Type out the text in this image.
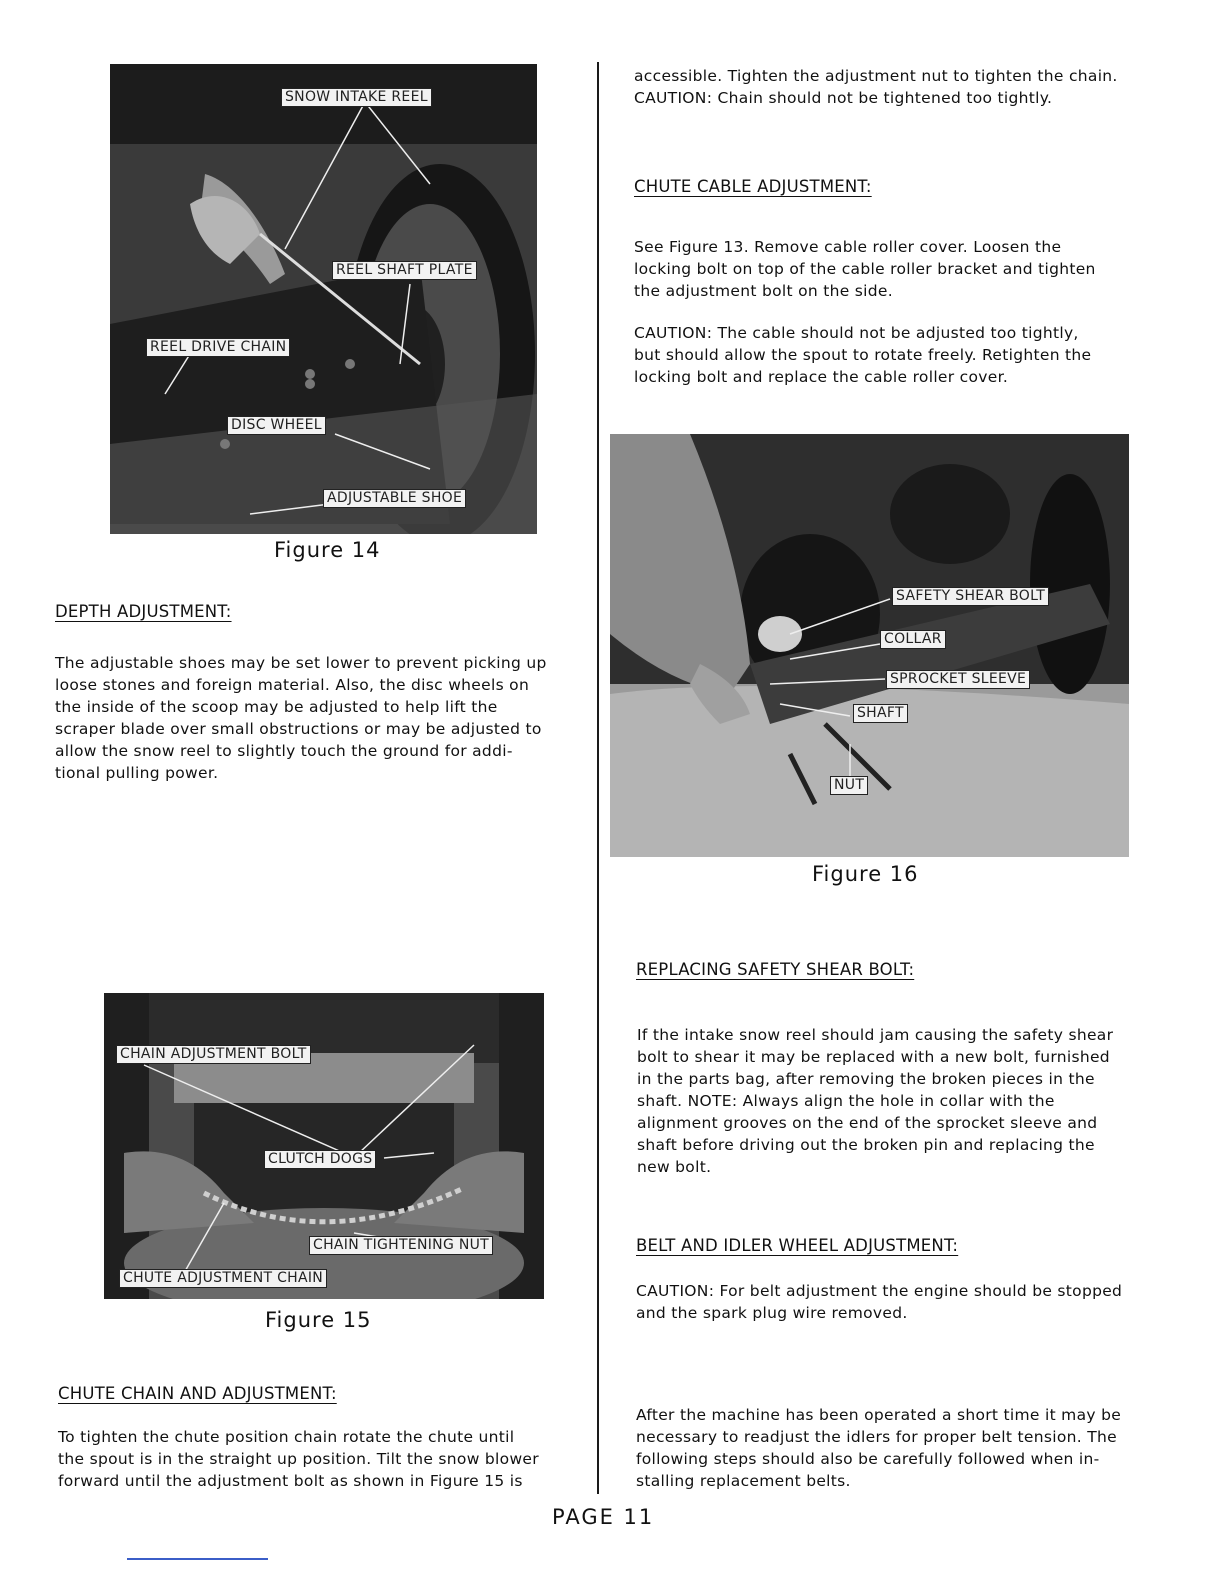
SNOW INTAKE REEL
REEL SHAFT PLATE
REEL DRIVE CHAIN
DISC WHEEL
ADJUSTABLE SHOE
Figure 14
DEPTH ADJUSTMENT:
The adjustable shoes may be set lower to prevent picking up
loose stones and foreign material. Also, the disc wheels on
the inside of the scoop may be adjusted to help lift the
scraper blade over small obstructions or may be adjusted to
allow the snow reel to slightly touch the ground for addi-
tional pulling power.
CHAIN ADJUSTMENT BOLT
CLUTCH DOGS
CHAIN TIGHTENING NUT
CHUTE ADJUSTMENT CHAIN
Figure 15
CHUTE CHAIN AND ADJUSTMENT:
To tighten the chute position chain rotate the chute until
the spout is in the straight up position. Tilt the snow blower
forward until the adjustment bolt as shown in Figure 15 is
accessible. Tighten the adjustment nut to tighten the chain.
CAUTION: Chain should not be tightened too tightly.
CHUTE CABLE ADJUSTMENT:
See Figure 13. Remove cable roller cover. Loosen the
locking bolt on top of the cable roller bracket and tighten
the adjustment bolt on the side.
CAUTION: The cable should not be adjusted too tightly,
but should allow the spout to rotate freely. Retighten the
locking bolt and replace the cable roller cover.
SAFETY SHEAR BOLT
COLLAR
SPROCKET SLEEVE
SHAFT
NUT
Figure 16
REPLACING SAFETY SHEAR BOLT:
If the intake snow reel should jam causing the safety shear
bolt to shear it may be replaced with a new bolt, furnished
in the parts bag, after removing the broken pieces in the
shaft. NOTE: Always align the hole in collar with the
alignment grooves on the end of the sprocket sleeve and
shaft before driving out the broken pin and replacing the
new bolt.
BELT AND IDLER WHEEL ADJUSTMENT:
CAUTION: For belt adjustment the engine should be stopped
and the spark plug wire removed.
After the machine has been operated a short time it may be
necessary to readjust the idlers for proper belt tension. The
following steps should also be carefully followed when in-
stalling replacement belts.
PAGE 11
